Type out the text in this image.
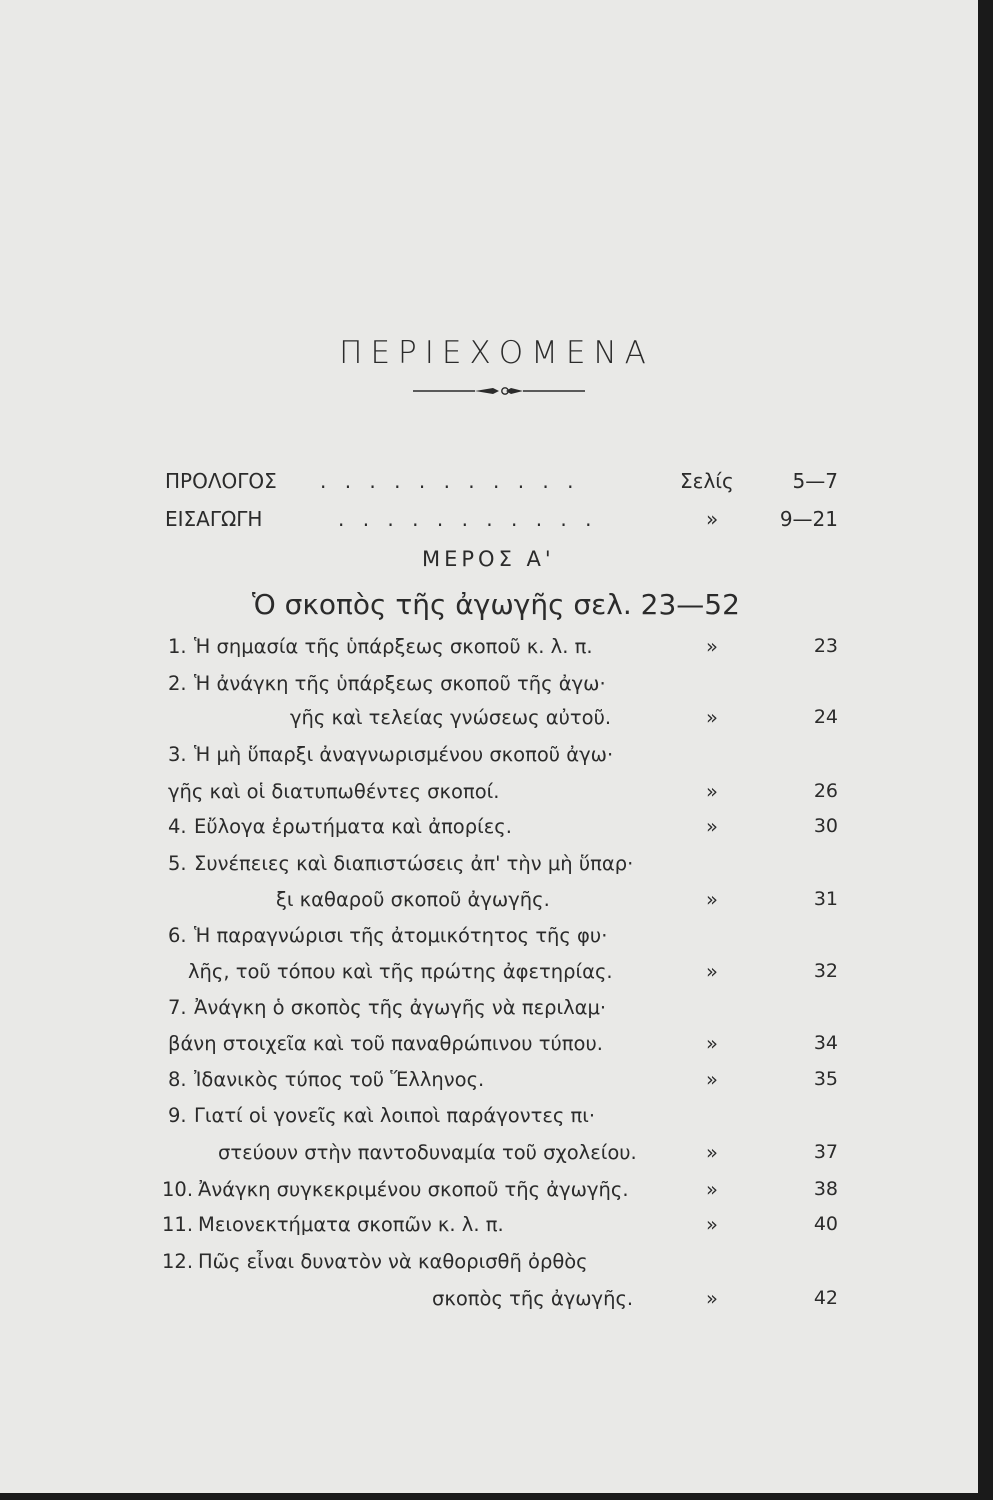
ΠΕΡΙΕΧΟΜΕΝΑ
ΠΡΟΛΟΓΟΣ . . . . . . . . . . .	Σελίς	5—7
ΕΙΣΑΓΩΓΗ	. . . . . . . . . . .	»	9—21
ΜΕΡΟΣ Α'
Ὁ σκοπὸς τῆς ἀγωγῆς σελ. 23—52
1. Ἡ σημασία τῆς ὑπάρξεως σκοποῦ κ. λ. π.	»	23
2. Ἡ ἀνάγκη τῆς ὑπάρξεως σκοποῦ τῆς ἀγω·
γῆς καὶ τελείας γνώσεως αὐτοῦ.	»	24
3. Ἡ μὴ ὕπαρξι ἀναγνωρισμένου σκοποῦ ἀγω·
γῆς καὶ οἱ διατυπωθέντες σκοποί.	»	26
4. Εὔλογα ἐρωτήματα καὶ ἀπορίες.	»	30
5. Συνέπειες καὶ διαπιστώσεις ἀπ' τὴν μὴ ὕπαρ·
ξι καθαροῦ σκοποῦ ἀγωγῆς.	»	31
6. Ἡ παραγνώρισι τῆς ἀτομικότητος τῆς φυ·
λῆς, τοῦ τόπου καὶ τῆς πρώτης ἀφετηρίας.	»	32
7. Ἀνάγκη ὁ σκοπὸς τῆς ἀγωγῆς νὰ περιλαμ·
βάνη στοιχεῖα καὶ τοῦ παναθρώπινου τύπου.	»	34
8. Ἰδανικὸς τύπος τοῦ Ἕλληνος.	»	35
9. Γιατί οἱ γονεῖς καὶ λοιποὶ παράγοντες πι·
στεύουν στὴν παντοδυναμία τοῦ σχολείου.	»	37
10. Ἀνάγκη συγκεκριμένου σκοποῦ τῆς ἀγωγῆς.	»	38
11. Μειονεκτήματα σκοπῶν κ. λ. π.	»	40
12. Πῶς εἶναι δυνατὸν νὰ καθορισθῆ ὀρθὸς
σκοπὸς τῆς ἀγωγῆς.	»	42
